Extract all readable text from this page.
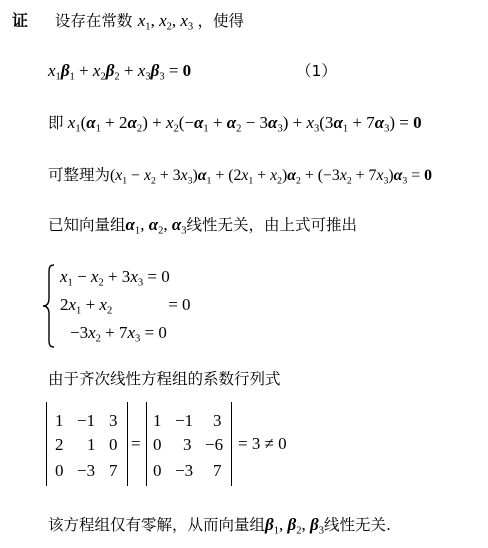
证 设存在常数 $x_1$, $x_2$, $x_3$ ，使得
$x_1\beta_1 + x_2\beta_2 + x_3\beta_3 = 0$	（1）
即 $x_1(\alpha_1 + 2\alpha_2) + x_2(-\alpha_1 + \alpha_2 - 3\alpha_3) + x_3(3\alpha_1 + 7\alpha_3) = 0$
可整理为$(x_1 - x_2 + 3x_3)\alpha_1 + (2x_1 + x_2)\alpha_2 + (-3x_2 + 7x_3)\alpha_3 = 0$
已知向量组$\alpha_1$, $\alpha_2$, $\alpha_3$线性无关，由上式可推出
$x_1 - x_2 + 3x_3 = 0$
$2x_1 + x_2$	= 0
$-3x_2 + 7x_3 = 0$
由于齐次线性方程组的系数行列式
1 −1 3
2 1 0
0 −3 7
=
1 −1 3
0 3 −6
0 −3 7
= 3 ≠ 0
该方程组仅有零解，从而向量组$\beta_1$, $\beta_2$, $\beta_3$线性无关.
